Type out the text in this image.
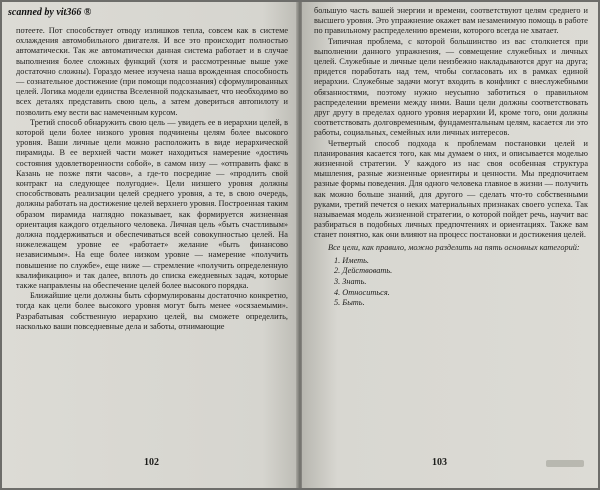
scanned by vit366 ®

потеете. Пот способствует отводу излишков тепла, совсем как в системе охлаждения автомобильного двигателя. И все это происходит полностью автоматически. Так же автоматически данная система работает и в случае выполнения более сложных функций (хотя и рассмотренные выше уже достаточно сложны). Гораздо менее изучена наша врожденная способность — сознательное достижение (при помощи подсознания) сформулированных целей. Логика модели единства Вселенной подсказывает, что необходимо во всех деталях представить свою цель, а затем довериться автопилоту и позволить ему вести вас намеченным курсом.

Третий способ обнаружить свою цель — увидеть ее в иерархии целей, в которой цели более низкого уровня подчинены целям более высокого уровня. Ваши личные цели можно расположить в виде иерархической пирамиды. В ее верхней части может находиться намерение «достичь состояния удовлетворенности собой», в самом низу — «отправить факс в Казань не позже пяти часов», а где-то посредине — «продлить свой контракт на следующее полугодие». Цели низшего уровня должны способствовать реализации целей среднего уровня, а те, в свою очередь, должны работать на достижение целей верхнего уровня. Построенная таким образом пирамида наглядно показывает, как формируется жизненная ориентация каждого отдельного человека. Личная цель «быть счастливым» должна поддерживаться и обеспечиваться всей совокупностью целей. На нижележащем уровне ее «работает» желание «быть финансово независимым». На еще более низком уровне — намерение «получить повышение по службе», еще ниже — стремление «получить определенную квалификацию» и так далее, вплоть до списка ежедневных задач, которые также направлены на обеспечение целей более высокого порядка.

Ближайшие цели должны быть сформулированы достаточно конкретно, тогда как цели более высокого уровня могут быть менее «осязаемыми». Разрабатывая собственную иерархию целей, вы сможете определить, насколько ваши повседневные дела и заботы, отнимающие

102

большую часть вашей энергии и времени, соответствуют целям среднего и высшего уровня. Это упражнение окажет вам незаменимую помощь в работе по правильному распределению времени, которого всегда не хватает.

Типичная проблема, с которой большинство из вас столкнется при выполнении данного упражнения, — совмещение служебных и личных целей. Служебные и личные цели неизбежно накладываются друг на друга; придется поработать над тем, чтобы согласовать их в рамках единой иерархии. Служебные задачи могут входить в конфликт с внеслужебными обязанностями, поэтому нужно неусыпно заботиться о правильном распределении времени между ними. Ваши цели должны соответствовать друг другу в пределах одного уровня иерархии И, кроме того, они должны соответствовать долговременным, фундаментальным целям, касается ли это работы, социальных, семейных или личных интересов.

Четвертый способ подхода к проблемам постановки целей и планирования касается того, как мы думаем о них, и описывается моделью жизненной стратегии. У каждого из нас своя особенная структура мышления, разные жизненные ориентиры и ценности. Мы предпочитаем разные формы поведения. Для одного человека главное в жизни — получить как можно больше знаний, для другого — сделать что-то собственными руками, третий печется о неких материальных признаках своего успеха. Так называемая модель жизненной стратегии, о которой пойдет речь, научит вас разбираться в подобных личных предпочтениях и ориентациях. Также вам станет понятно, как они влияют на процесс постановки и достижения целей.

Все цели, как правило, можно разделить на пять основных категорий:

1. Иметь.
2. Действовать.
3. Знать.
4. Относиться.
5. Быть.
103
